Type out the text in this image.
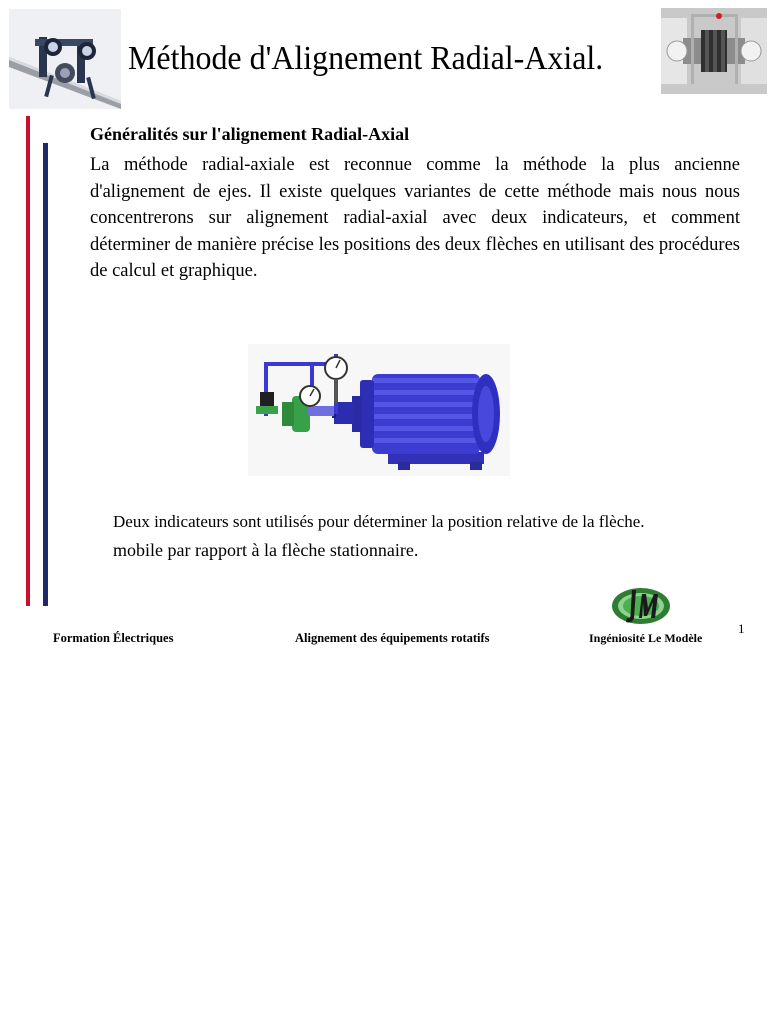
Méthode d'Alignement Radial-Axial.
Généralités sur l'alignement Radial-Axial
La méthode radial-axiale est reconnue comme la méthode la plus ancienne d'alignement de ejes. Il existe quelques variantes de cette méthode mais nous nous concentrerons sur alignement radial-axial avec deux indicateurs, et comment déterminer de manière précise les positions des deux flèches en utilisant des procédures de calcul et graphique.
Deux indicateurs sont utilisés pour déterminer la position relative de la flèche.
mobile par rapport à la flèche stationnaire.
Formation Électriques	Alignement des équipements rotatifs	Ingéniosité Le Modèle
1
